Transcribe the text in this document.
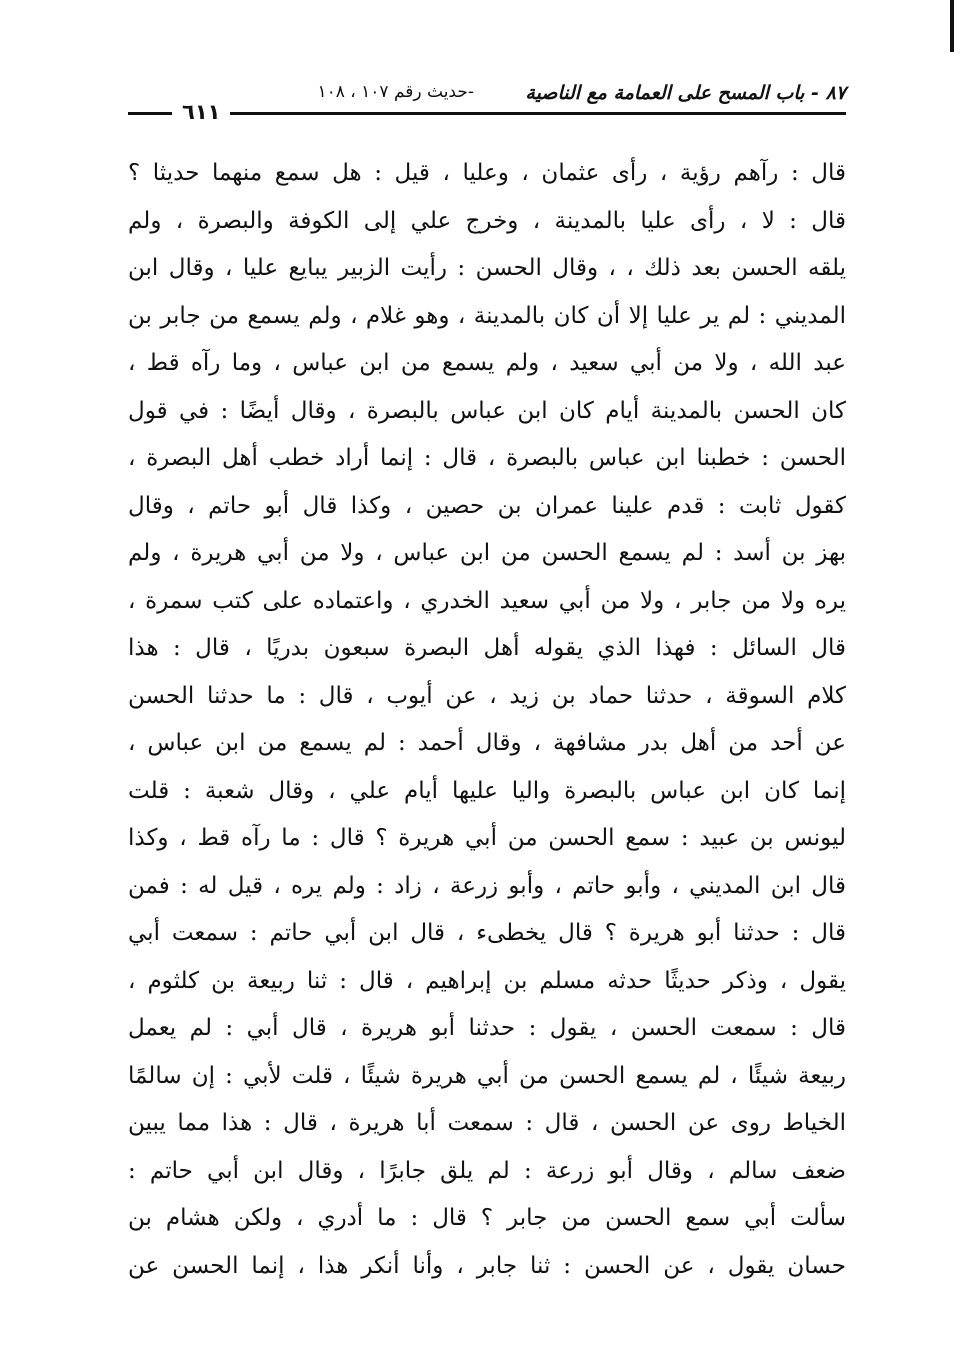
٨٧ - باب المسح على العمامة مع الناصية
-حديث رقم ١٠٧ ، ١٠٨
٦١١
قال : رآهم رؤية ، رأى عثمان ، وعليا ، قيل : هل سمع منهما حديثا ؟
قال : لا ، رأى عليا بالمدينة ، وخرج علي إلى الكوفة والبصرة ، ولم
يلقه الحسن بعد ذلك ، ، وقال الحسن : رأيت الزبير يبايع عليا ، وقال ابن
المديني : لم ير عليا إلا أن كان بالمدينة ، وهو غلام ، ولم يسمع من جابر بن
عبد الله ، ولا من أبي سعيد ، ولم يسمع من ابن عباس ، وما رآه قط ،
كان الحسن بالمدينة أيام كان ابن عباس بالبصرة ، وقال أيضًا : في قول
الحسن : خطبنا ابن عباس بالبصرة ، قال : إنما أراد خطب أهل البصرة ،
كقول ثابت : قدم علينا عمران بن حصين ، وكذا قال أبو حاتم ، وقال
بهز بن أسد : لم يسمع الحسن من ابن عباس ، ولا من أبي هريرة ، ولم
يره ولا من جابر ، ولا من أبي سعيد الخدري ، واعتماده على كتب سمرة ،
قال السائل : فهذا الذي يقوله أهل البصرة سبعون بدريًا ، قال : هذا
كلام السوقة ، حدثنا حماد بن زيد ، عن أيوب ، قال : ما حدثنا الحسن
عن أحد من أهل بدر مشافهة ، وقال أحمد : لم يسمع من ابن عباس ،
إنما كان ابن عباس بالبصرة واليا عليها أيام علي ، وقال شعبة : قلت
ليونس بن عبيد : سمع الحسن من أبي هريرة ؟ قال : ما رآه قط ، وكذا
قال ابن المديني ، وأبو حاتم ، وأبو زرعة ، زاد : ولم يره ، قيل له : فمن
قال : حدثنا أبو هريرة ؟ قال يخطىء ، قال ابن أبي حاتم : سمعت أبي
يقول ، وذكر حديثًا حدثه مسلم بن إبراهيم ، قال : ثنا ربيعة بن كلثوم ،
قال : سمعت الحسن ، يقول : حدثنا أبو هريرة ، قال أبي : لم يعمل
ربيعة شيئًا ، لم يسمع الحسن من أبي هريرة شيئًا ، قلت لأبي : إن سالمًا
الخياط روى عن الحسن ، قال : سمعت أبا هريرة ، قال : هذا مما يبين
ضعف سالم ، وقال أبو زرعة : لم يلق جابرًا ، وقال ابن أبي حاتم :
سألت أبي سمع الحسن من جابر ؟ قال : ما أدري ، ولكن هشام بن
حسان يقول ، عن الحسن : ثنا جابر ، وأنا أنكر هذا ، إنما الحسن عن
